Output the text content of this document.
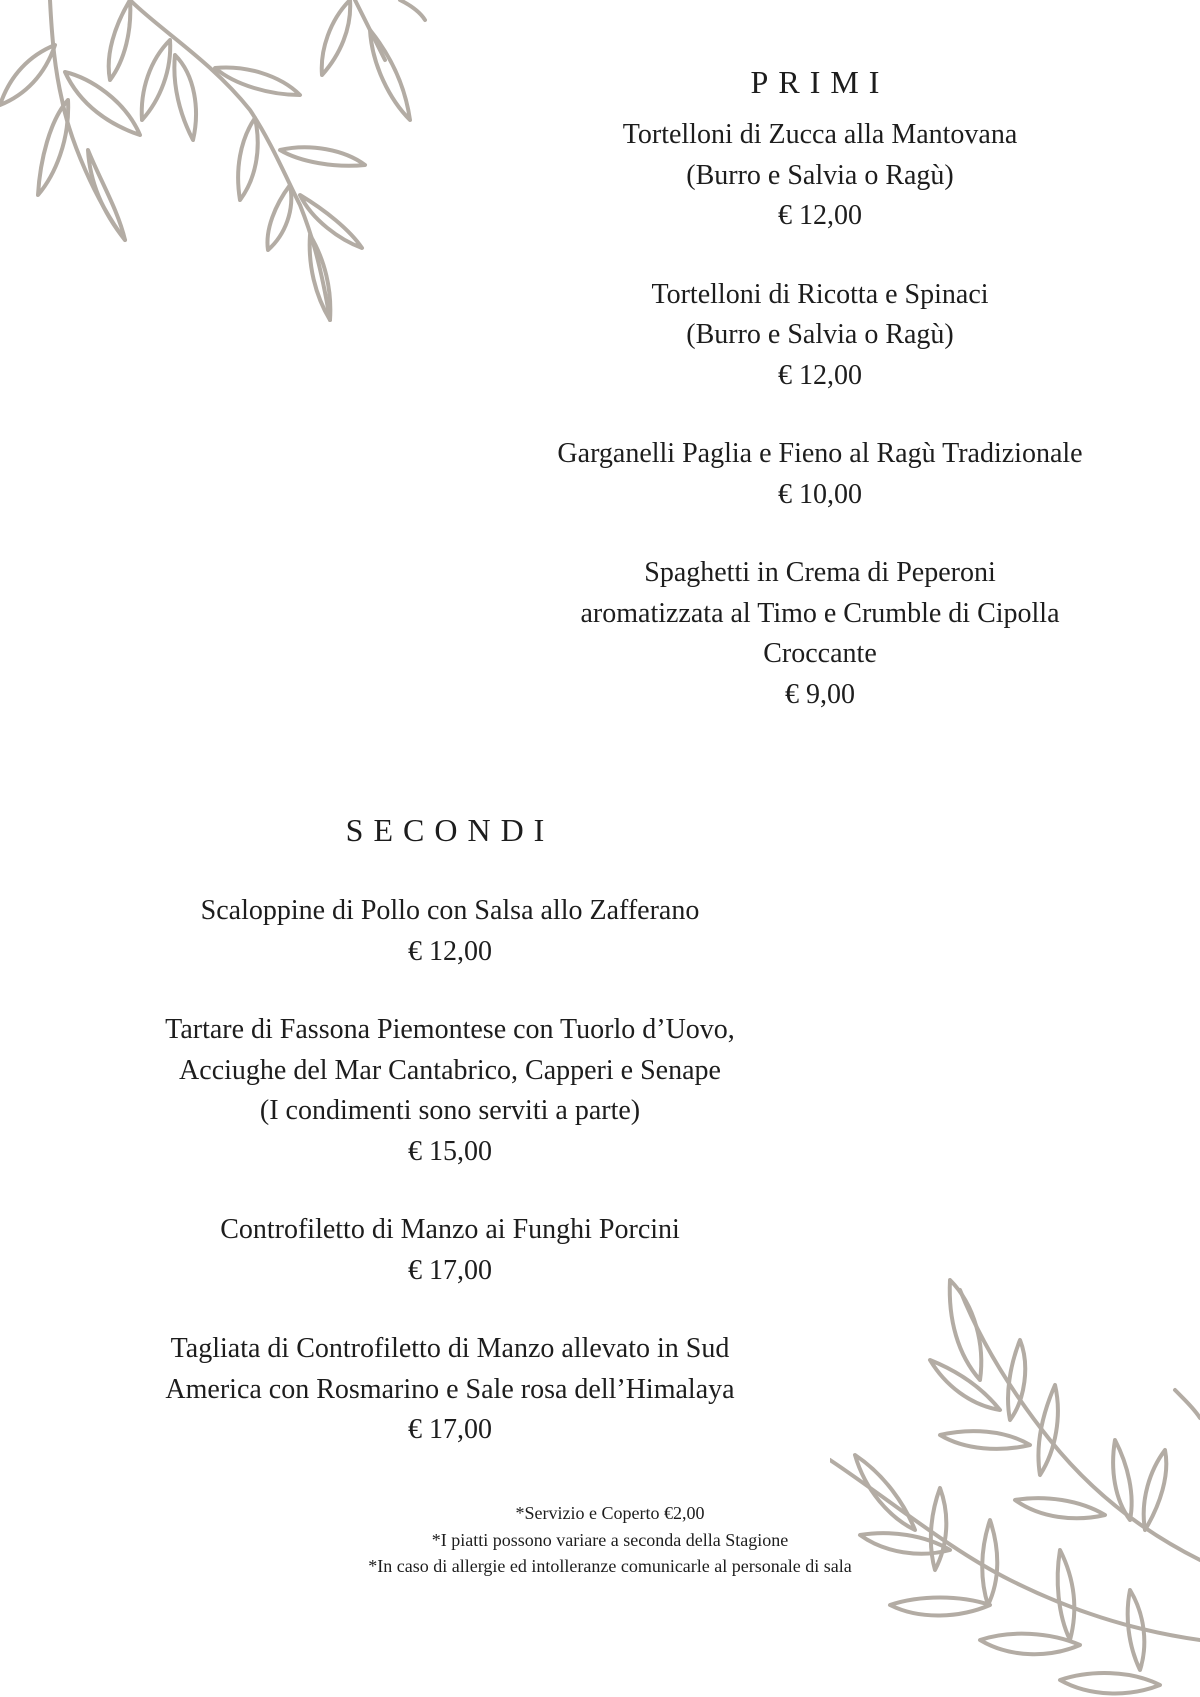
PRIMI
Tortelloni di Zucca alla Mantovana
(Burro e Salvia o Ragù)
€ 12,00
Tortelloni di Ricotta e Spinaci
(Burro e Salvia o Ragù)
€ 12,00
Garganelli Paglia e Fieno al Ragù Tradizionale
€ 10,00
Spaghetti in Crema di Peperoni
aromatizzata al Timo e Crumble di Cipolla
Croccante
€ 9,00
SECONDI
Scaloppine di Pollo con Salsa allo Zafferano
€ 12,00
Tartare di Fassona Piemontese con Tuorlo d’Uovo,
Acciughe del Mar Cantabrico, Capperi e Senape
(I condimenti sono serviti a parte)
€ 15,00
Controfiletto di Manzo ai Funghi Porcini
€ 17,00
Tagliata di Controfiletto di Manzo allevato in Sud
America con Rosmarino e Sale rosa dell’Himalaya
€ 17,00
*Servizio e Coperto €2,00
*I piatti possono variare a seconda della Stagione
*In caso di allergie ed intolleranze comunicarle al personale di sala
